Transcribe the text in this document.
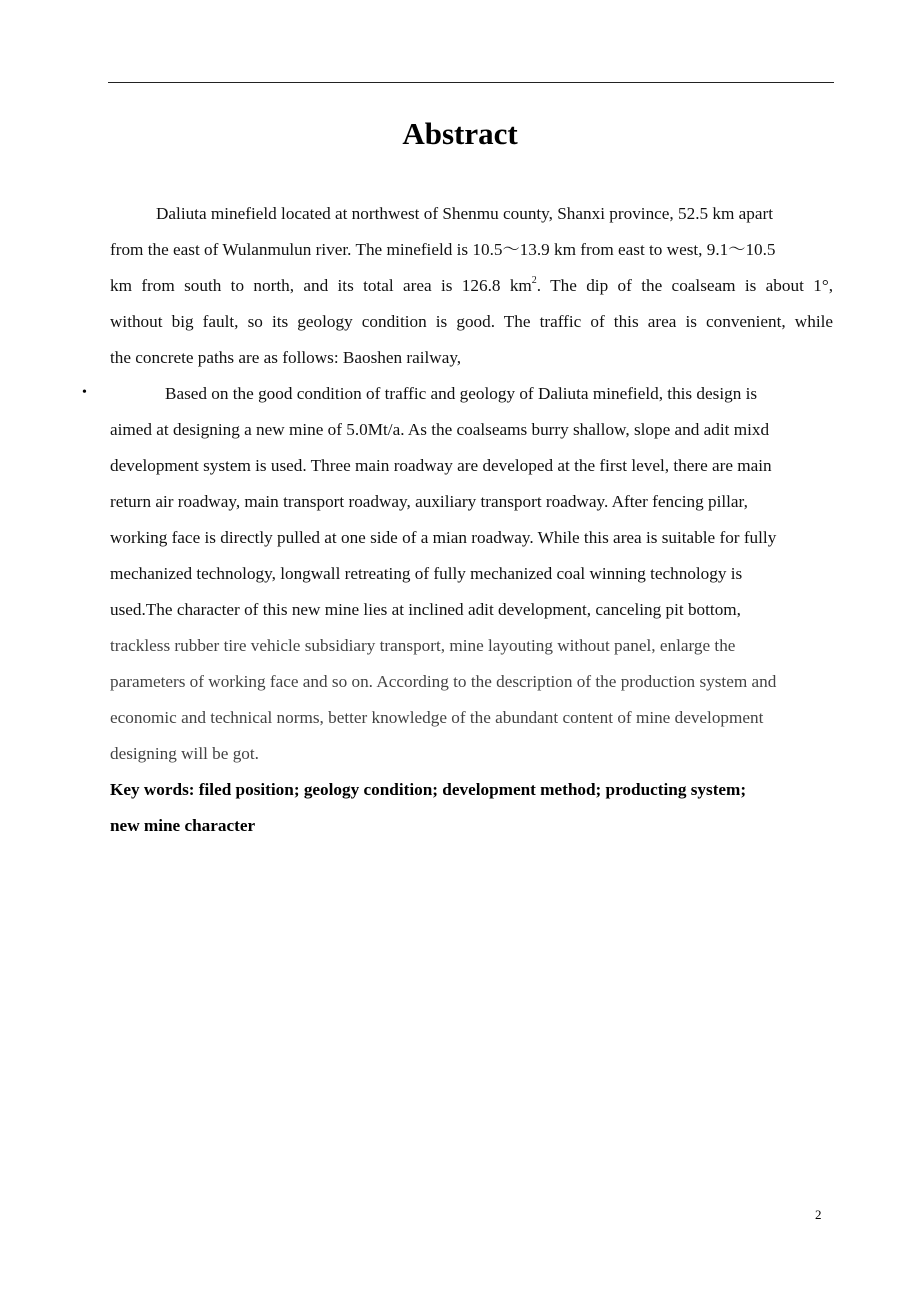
Abstract
Daliuta minefield located at northwest of Shenmu county, Shanxi province, 52.5 km apart
from the east of Wulanmulun river. The minefield is 10.5～13.9 km from east to west, 9.1～10.5
km from south to north, and its total area is 126.8 $km^2$. The dip of the coalseam is about 1°,
without big fault, so its geology condition is good. The traffic of this area is convenient, while
the concrete paths are as follows: Baoshen railway,
•	Based on the good condition of traffic and geology of Daliuta minefield, this design is
aimed at designing a new mine of 5.0Mt/a. As the coalseams burry shallow, slope and adit mixd
development system is used. Three main roadway are developed at the first level, there are main
return air roadway, main transport roadway, auxiliary transport roadway. After fencing pillar,
working face is directly pulled at one side of a mian roadway. While this area is suitable for fully
mechanized technology, longwall retreating of fully mechanized coal winning technology is
used.The character of this new mine lies at inclined adit development, canceling pit bottom,
trackless rubber tire vehicle subsidiary transport, mine layouting without panel, enlarge the
parameters of working face and so on. According to the description of the production system and
economic and technical norms, better knowledge of the abundant content of mine development
designing will be got.
Key words: filed position; geology condition; development method; producting system;
new mine character
2
